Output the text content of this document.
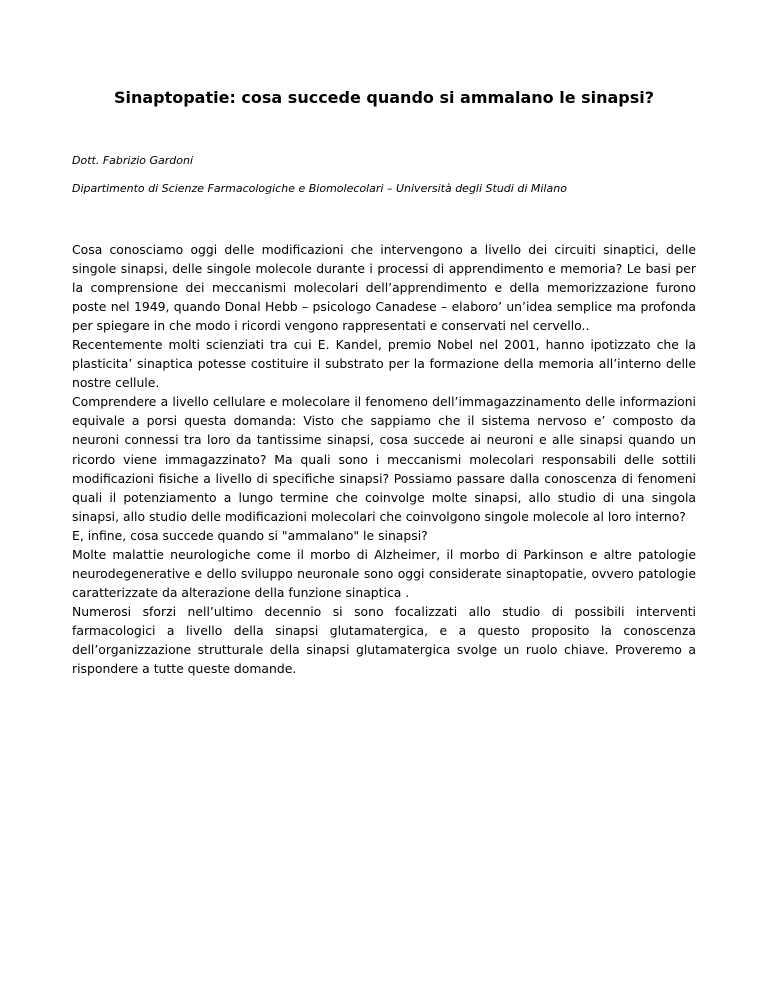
Sinaptopatie: cosa succede quando si ammalano le sinapsi?

Dott. Fabrizio Gardoni

Dipartimento di Scienze Farmacologiche e Biomolecolari – Università degli Studi di Milano

Cosa conosciamo oggi delle modificazioni che intervengono a livello dei circuiti sinaptici, delle singole sinapsi, delle singole molecole durante i processi di apprendimento e memoria? Le basi per la comprensione dei meccanismi molecolari dell’apprendimento e della memorizzazione furono poste nel 1949, quando Donal Hebb – psicologo Canadese – elaboro’ un’idea semplice ma profonda per spiegare in che modo i ricordi vengono rappresentati e conservati nel cervello..

Recentemente molti scienziati tra cui E. Kandel, premio Nobel nel 2001, hanno ipotizzato che la plasticita’ sinaptica potesse costituire il substrato per la formazione della memoria all’interno delle nostre cellule.

Comprendere a livello cellulare e molecolare il fenomeno dell’immagazzinamento delle informazioni equivale a porsi questa domanda: Visto che sappiamo che il sistema nervoso e’ composto da neuroni connessi tra loro da tantissime sinapsi, cosa succede ai neuroni e alle sinapsi quando un ricordo viene immagazzinato? Ma quali sono i meccanismi molecolari responsabili delle sottili modificazioni fisiche a livello di specifiche sinapsi? Possiamo passare dalla conoscenza di fenomeni quali il potenziamento a lungo termine che coinvolge molte sinapsi, allo studio di una singola sinapsi, allo studio delle modificazioni molecolari che coinvolgono singole molecole al loro interno?

E, infine, cosa succede quando si "ammalano" le sinapsi?

Molte malattie neurologiche come il morbo di Alzheimer, il morbo di Parkinson e altre patologie neurodegenerative e dello sviluppo neuronale sono oggi considerate sinaptopatie, ovvero patologie caratterizzate da alterazione della funzione sinaptica .

Numerosi sforzi nell’ultimo decennio si sono focalizzati allo studio di possibili interventi farmacologici a livello della sinapsi glutamatergica, e a questo proposito la conoscenza dell’organizzazione strutturale della sinapsi glutamatergica svolge un ruolo chiave. Proveremo a rispondere a tutte queste domande.
